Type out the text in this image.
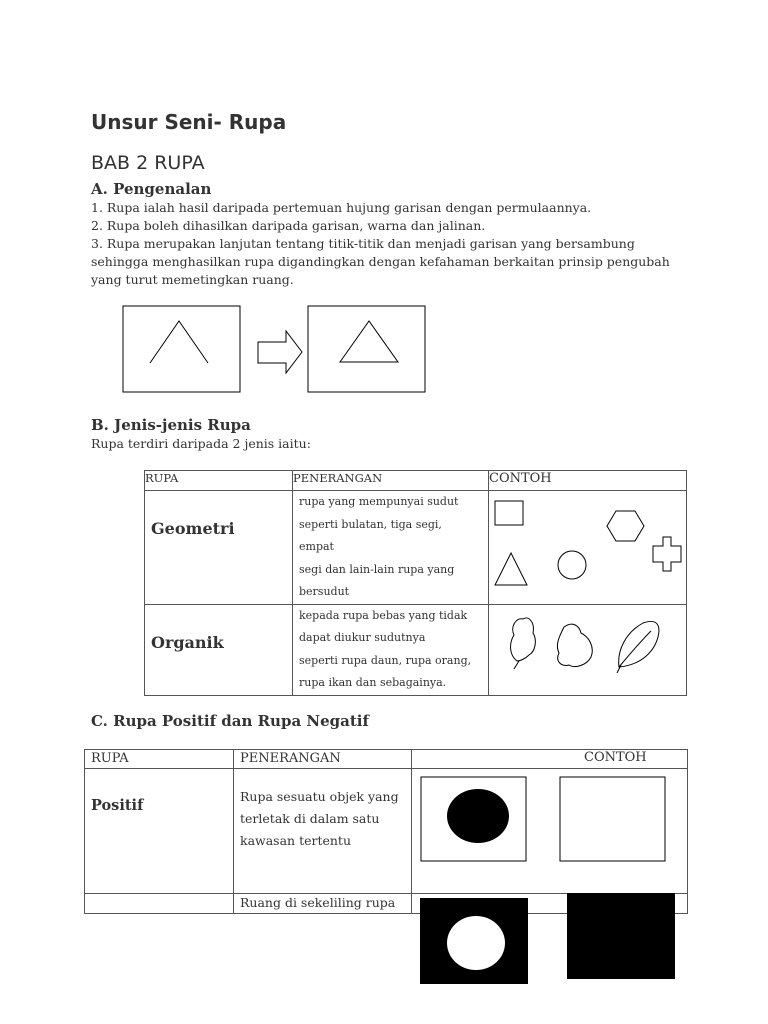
Unsur Seni- Rupa
BAB 2 RUPA
A. Pengenalan

1. Rupa ialah hasil daripada pertemuan hujung garisan dengan permulaannya.

2. Rupa boleh dihasilkan daripada garisan, warna dan jalinan.

3. Rupa merupakan lanjutan tentang titik-titik dan menjadi garisan yang bersambung sehingga menghasilkan rupa digandingkan dengan kefahaman berkaitan prinsip pengubah yang turut memetingkan ruang.

B. Jenis-jenis Rupa
Rupa terdiri daripada 2 jenis iaitu:
RUPA	PENERANGAN	CONTOH
Geometri	rupa yang mempunyai sudut
seperti bulatan, tiga segi,
empat
segi dan lain-lain rupa yang
bersudut

Organik	kepada rupa bebas yang tidak
dapat diukur sudutnya
seperti rupa daun, rupa orang,
rupa ikan dan sebagainya.

C. Rupa Positif dan Rupa Negatif
RUPA	PENERANGAN	CONTOH
Positif	Rupa sesuatu objek yang
terletak di dalam satu
kawasan tertentu	

	Ruang di sekeliling rupa	
